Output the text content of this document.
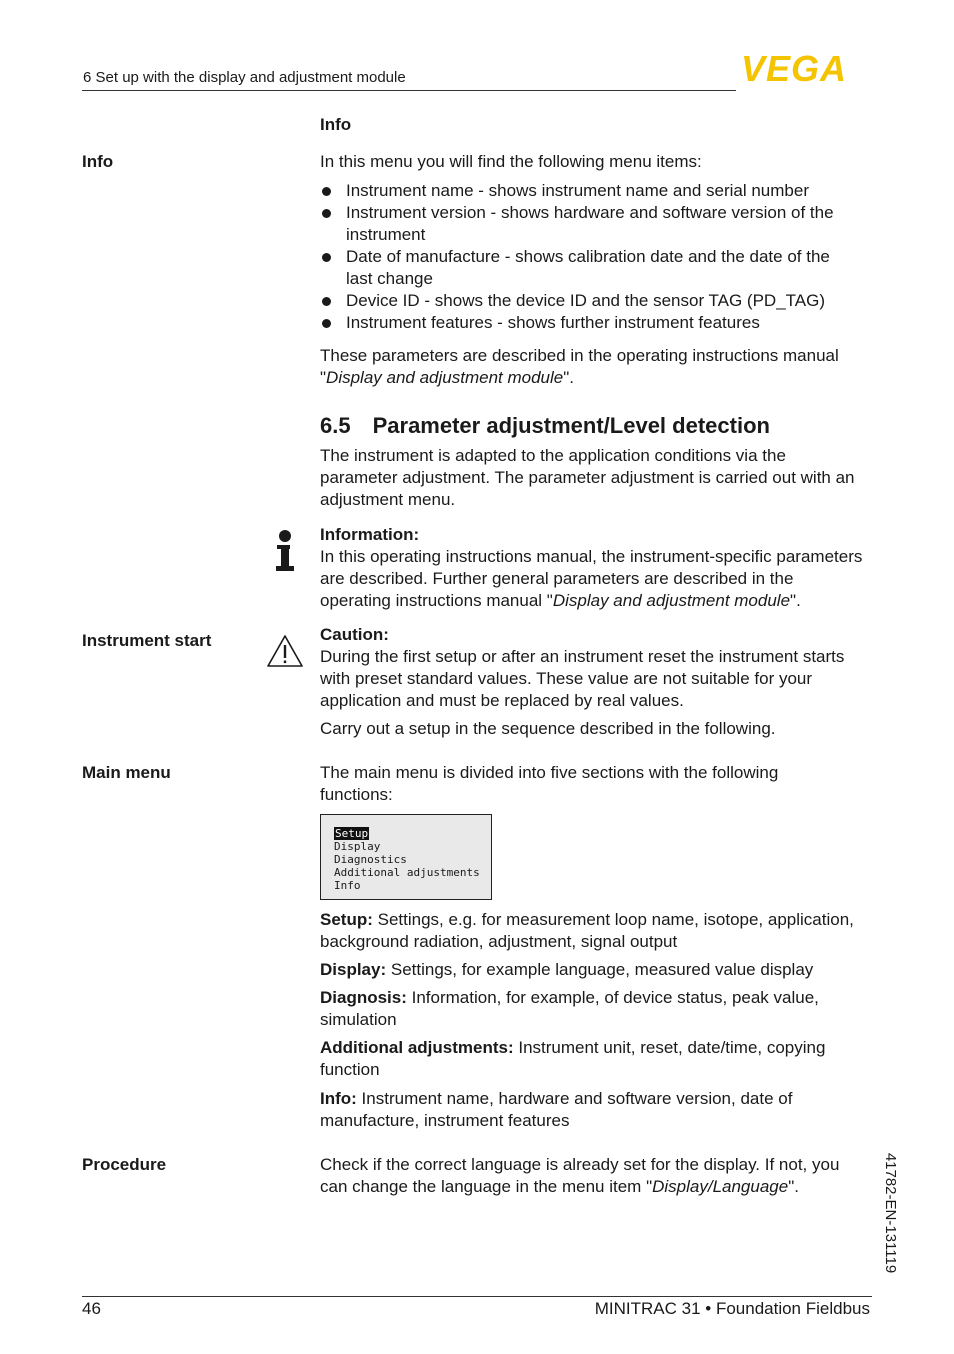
6 Set up with the display and adjustment module	VEGA
Info
Info	In this menu you will find the following menu items:
Instrument name - shows instrument name and serial number
Instrument version - shows hardware and software version of the instrument
Date of manufacture - shows calibration date and the date of the last change
Device ID - shows the device ID and the sensor TAG (PD_TAG)
Instrument features - shows further instrument features
These parameters are described in the operating instructions manual "Display and adjustment module".
6.5 Parameter adjustment/Level detection
The instrument is adapted to the application conditions via the parameter adjustment. The parameter adjustment is carried out with an adjustment menu.
Information:
In this operating instructions manual, the instrument-specific parameters are described. Further general parameters are described in the operating instructions manual "Display and adjustment module".
Instrument start	Caution:
During the first setup or after an instrument reset the instrument starts with preset standard values. These value are not suitable for your application and must be replaced by real values.
Carry out a setup in the sequence described in the following.
Main menu	The main menu is divided into five sections with the following functions:
Setup
Display
Diagnostics
Additional adjustments
Info
Setup: Settings, e.g. for measurement loop name, isotope, application, background radiation, adjustment, signal output
Display: Settings, for example language, measured value display
Diagnosis: Information, for example, of device status, peak value, simulation
Additional adjustments: Instrument unit, reset, date/time, copying function
Info: Instrument name, hardware and software version, date of manufacture, instrument features
Procedure	Check if the correct language is already set for the display. If not, you can change the language in the menu item "Display/Language".	41782-EN-131119
46	MINITRAC 31 • Foundation Fieldbus
